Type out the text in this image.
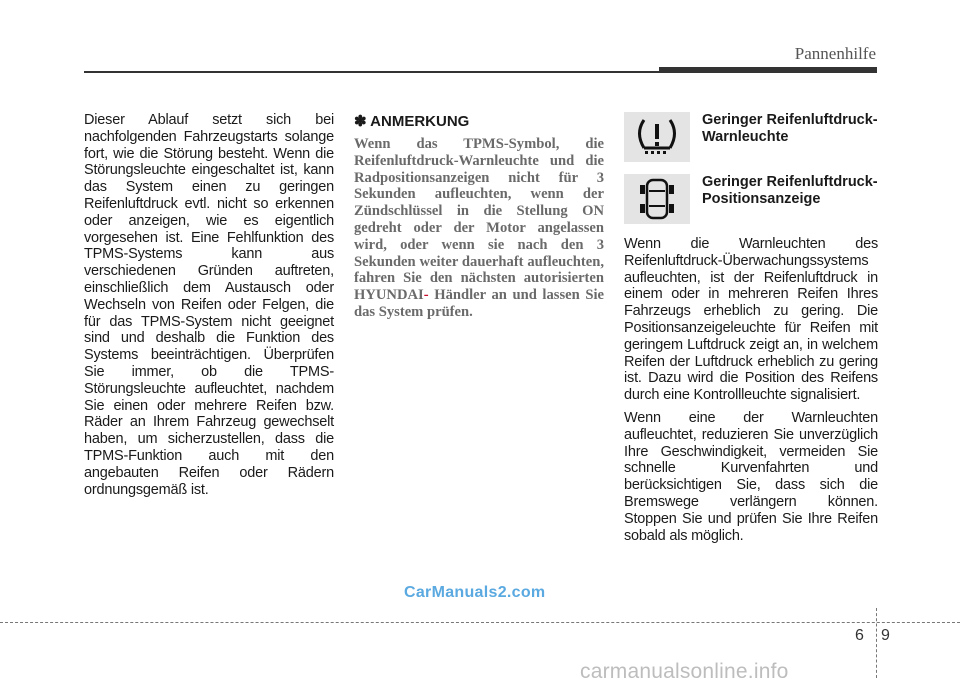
Pannenhilfe

Dieser Ablauf setzt sich bei nachfolgenden Fahrzeugstarts solange fort, wie die Störung besteht. Wenn die Störungsleuchte eingeschaltet ist, kann das System einen zu geringen Reifenluftdruck evtl. nicht so erkennen oder anzeigen, wie es eigentlich vorgesehen ist. Eine Fehlfunktion des TPMS-Systems kann aus verschiedenen Gründen auftreten, einschließlich dem Austausch oder Wechseln von Reifen oder Felgen, die für das TPMS-System nicht geeignet sind und deshalb die Funktion des Systems beeinträchtigen. Überprüfen Sie immer, ob die TPMS-Störungsleuchte aufleuchtet, nachdem Sie einen oder mehrere Reifen bzw. Räder an Ihrem Fahrzeug gewechselt haben, um sicherzustellen, dass die TPMS-Funktion auch mit den angebauten Reifen oder Rädern ordnungsgemäß ist.

✽ ANMERKUNG

Wenn das TPMS-Symbol, die Reifenluftdruck-Warnleuchte und die Radpositionsanzeigen nicht für 3 Sekunden aufleuchten, wenn der Zündschlüssel in die Stellung ON gedreht oder der Motor angelassen wird, oder wenn sie nach den 3 Sekunden weiter dauerhaft aufleuchten, fahren Sie den nächsten autorisierten HYUNDAI- Händler an und lassen Sie das System prüfen.

Geringer Reifenluftdruck-Warnleuchte
Geringer Reifenluftdruck-Positionsanzeige

Wenn die Warnleuchten des Reifenluftdruck-Überwachungssystems aufleuchten, ist der Reifenluftdruck in einem oder in mehreren Reifen Ihres Fahrzeugs erheblich zu gering. Die Positionsanzeigeleuchte für Reifen mit geringem Luftdruck zeigt an, in welchem Reifen der Luftdruck erheblich zu gering ist. Dazu wird die Position des Reifens durch eine Kontrollleuchte signalisiert.

Wenn eine der Warnleuchten aufleuchtet, reduzieren Sie unverzüglich Ihre Geschwindigkeit, vermeiden Sie schnelle Kurvenfahrten und berücksichtigen Sie, dass sich die Bremswege verlängern können. Stoppen Sie und prüfen Sie Ihre Reifen sobald als möglich.

CarManuals2.com
6 9
carmanualsonline.info
